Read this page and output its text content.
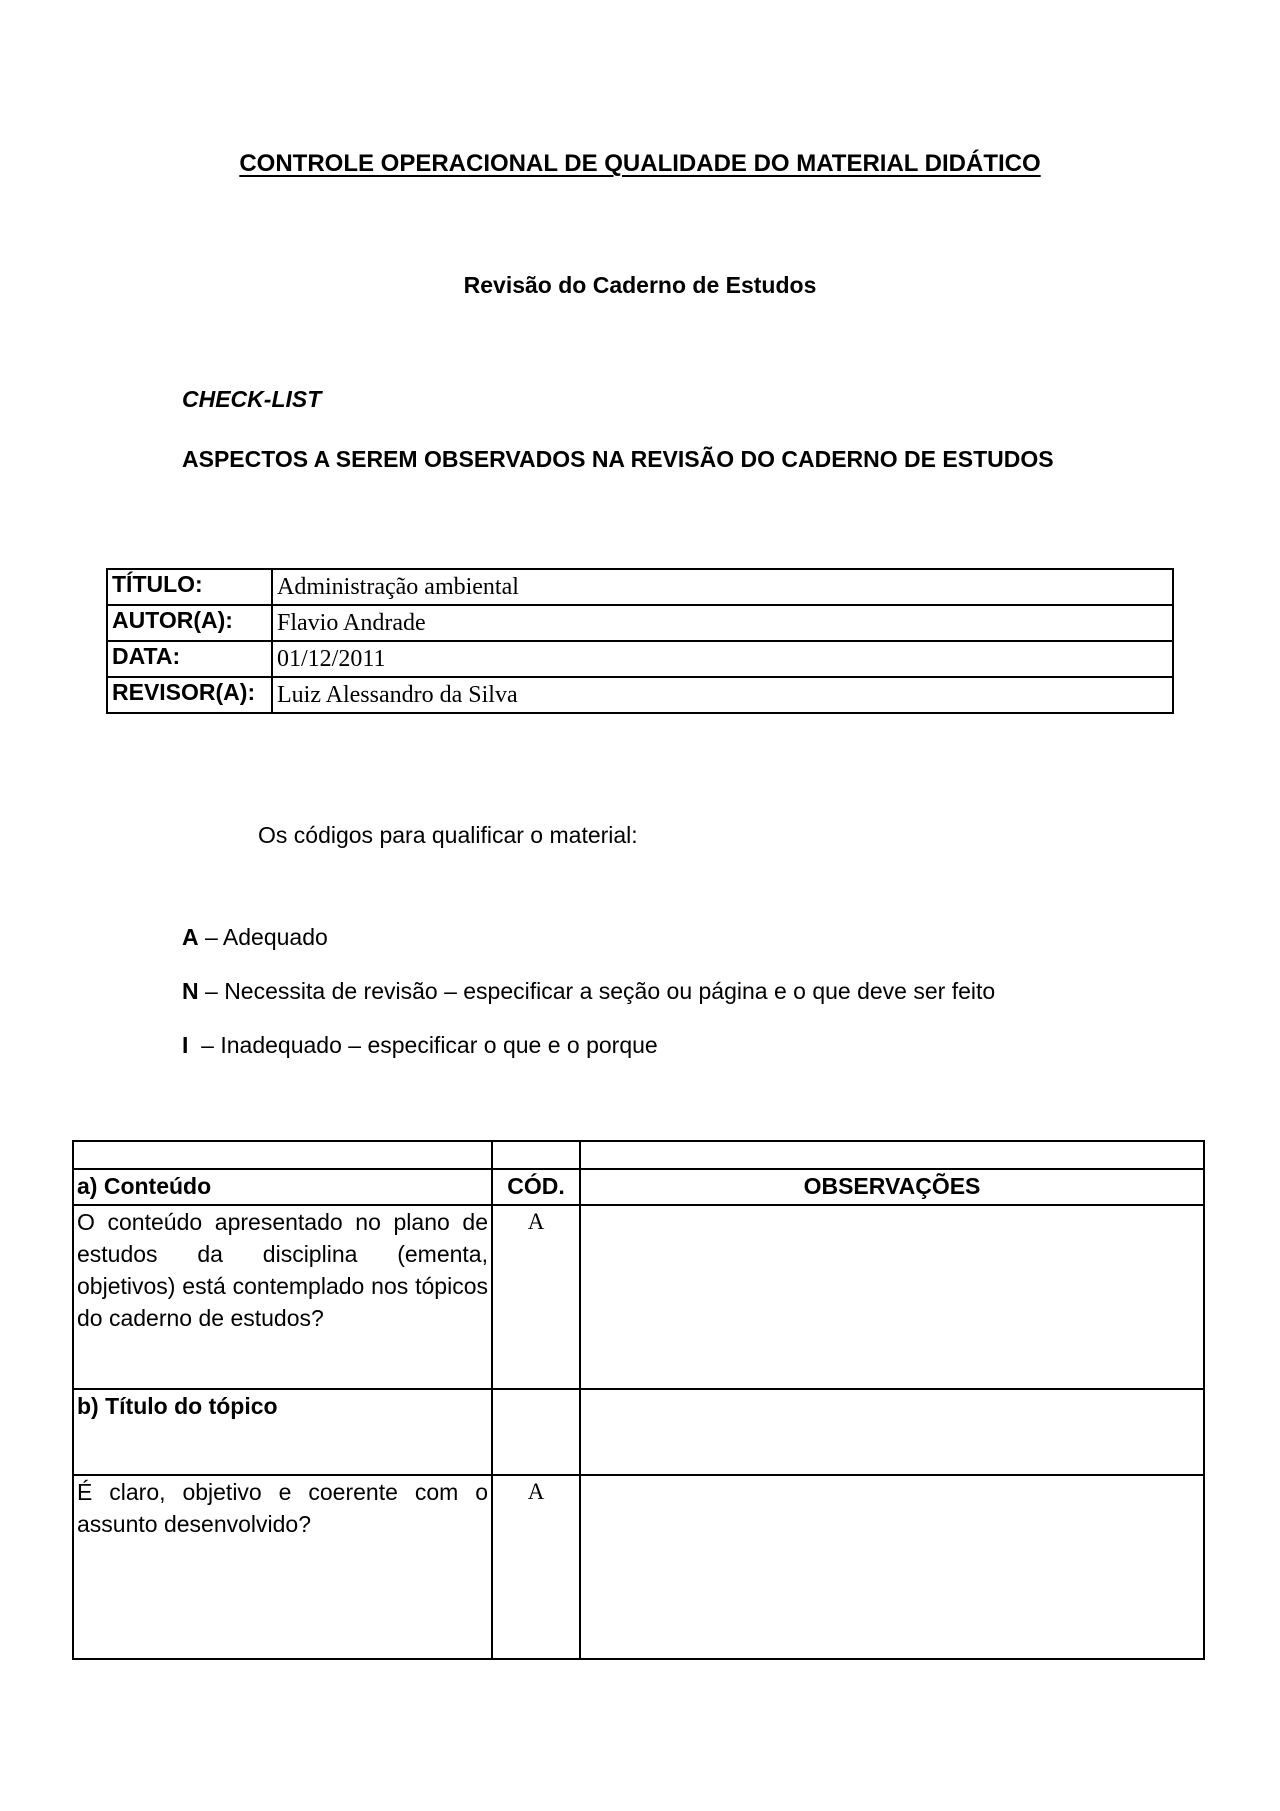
CONTROLE OPERACIONAL DE QUALIDADE DO MATERIAL DIDÁTICO
Revisão do Caderno de Estudos
CHECK-LIST
ASPECTOS A SEREM OBSERVADOS NA REVISÃO DO CADERNO DE ESTUDOS
TÍTULO:	Administração ambiental
AUTOR(A):	Flavio Andrade
DATA:	01/12/2011
REVISOR(A):	Luiz Alessandro da Silva
Os códigos para qualificar o material:
A – Adequado
N – Necessita de revisão – especificar a seção ou página e o que deve ser feito
I  – Inadequado – especificar o que e o porque

a) Conteúdo	CÓD.	OBSERVAÇÕES
O conteúdo apresentado no plano de estudos da disciplina (ementa, objetivos) está contemplado nos tópicos do caderno de estudos?	A	
b) Título do tópico		
É claro, objetivo e coerente com o assunto desenvolvido?	A	
